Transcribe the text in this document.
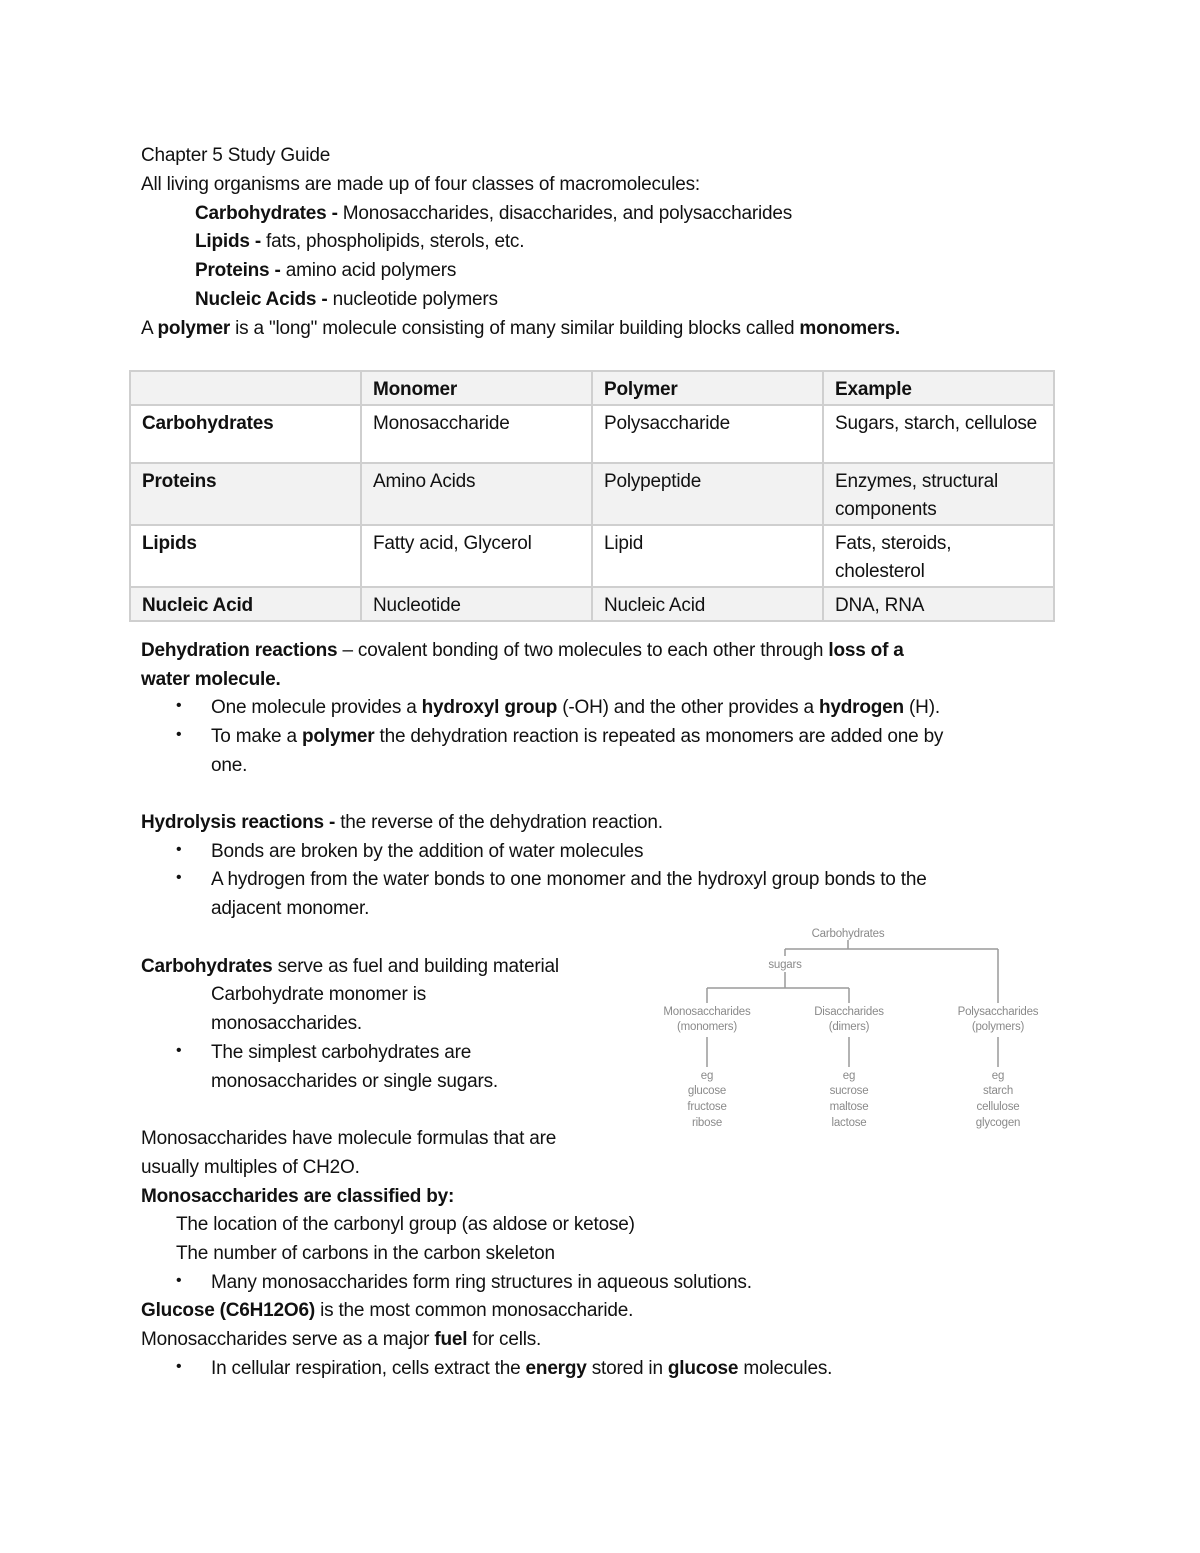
Chapter 5 Study Guide
All living organisms are made up of four classes of macromolecules:
Carbohydrates - Monosaccharides, disaccharides, and polysaccharides
Lipids - fats, phospholipids, sterols, etc.
Proteins - amino acid polymers
Nucleic Acids - nucleotide polymers
A polymer is a "long" molecule consisting of many similar building blocks called monomers.
Dehydration reactions – covalent bonding of two molecules to each other through loss of a
water molecule.
One molecule provides a hydroxyl group (-OH) and the other provides a hydrogen (H).
•
To make a polymer the dehydration reaction is repeated as monomers are added one by
•
one.
Hydrolysis reactions - the reverse of the dehydration reaction.
Bonds are broken by the addition of water molecules
•
A hydrogen from the water bonds to one monomer and the hydroxyl group bonds to the
•
adjacent monomer.
Carbohydrates serve as fuel and building material
Carbohydrate monomer is
monosaccharides.
The simplest carbohydrates are
•
monosaccharides or single sugars.
Monosaccharides have molecule formulas that are
usually multiples of CH2O.
Monosaccharides are classified by:
The location of the carbonyl group (as aldose or ketose)
The number of carbons in the carbon skeleton
Many monosaccharides form ring structures in aqueous solutions.
•
Glucose (C6H12O6) is the most common monosaccharide.
Monosaccharides serve as a major fuel for cells.
In cellular respiration, cells extract the energy stored in glucose molecules.
•
	Monomer	Polymer	Example
Carbohydrates	Monosaccharide	Polysaccharide	Sugars, starch, cellulose
Proteins	Amino Acids	Polypeptide	Enzymes, structural components
Lipids	Fatty acid, Glycerol	Lipid	Fats, steroids, cholesterol
Nucleic Acid	Nucleotide	Nucleic Acid	DNA, RNA
Carbohydrates
sugars
Monosaccharides
(monomers)
eg
glucose
fructose
ribose
Disaccharides
(dimers)
eg
sucrose
maltose
lactose
Polysaccharides
(polymers)
eg
starch
cellulose
glycogen
